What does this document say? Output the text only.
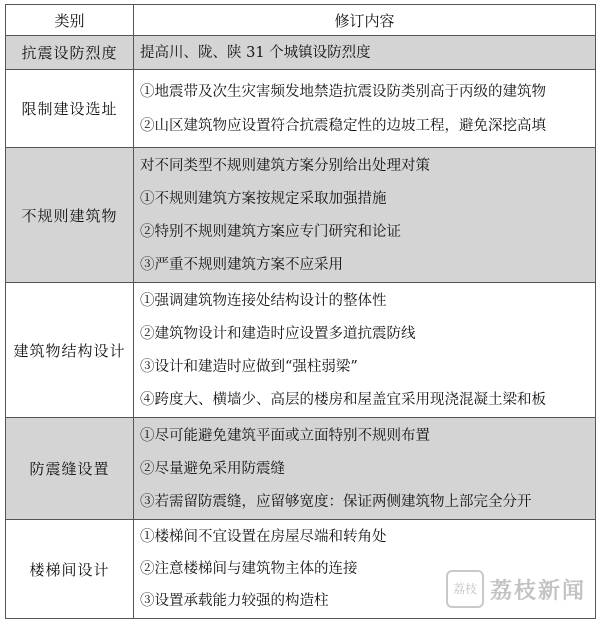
类别	修订内容
抗震设防烈度	提高川、陇、陕 31 个城镇设防烈度

限制建设选址	①地震带及次生灾害频发地禁造抗震设防类别高于丙级的建筑物
②山区建筑物应设置符合抗震稳定性的边坡工程，避免深挖高填

不规则建筑物	对不同类型不规则建筑方案分别给出处理对策
①不规则建筑方案按规定采取加强措施
②特别不规则建筑方案应专门研究和论证
③严重不规则建筑方案不应采用

建筑物结构设计	①强调建筑物连接处结构设计的整体性
②建筑物设计和建造时应设置多道抗震防线
③设计和建造时应做到“强柱弱梁”
④跨度大、横墙少、高层的楼房和屋盖宜采用现浇混凝土梁和板

防震缝设置	①尽可能避免建筑平面或立面特别不规则布置
②尽量避免采用防震缝
③若需留防震缝，应留够宽度：保证两侧建筑物上部完全分开

楼梯间设计	①楼梯间不宜设置在房屋尽端和转角处
②注意楼梯间与建筑物主体的连接
③设置承载能力较强的构造柱
荔枝 荔枝新闻
